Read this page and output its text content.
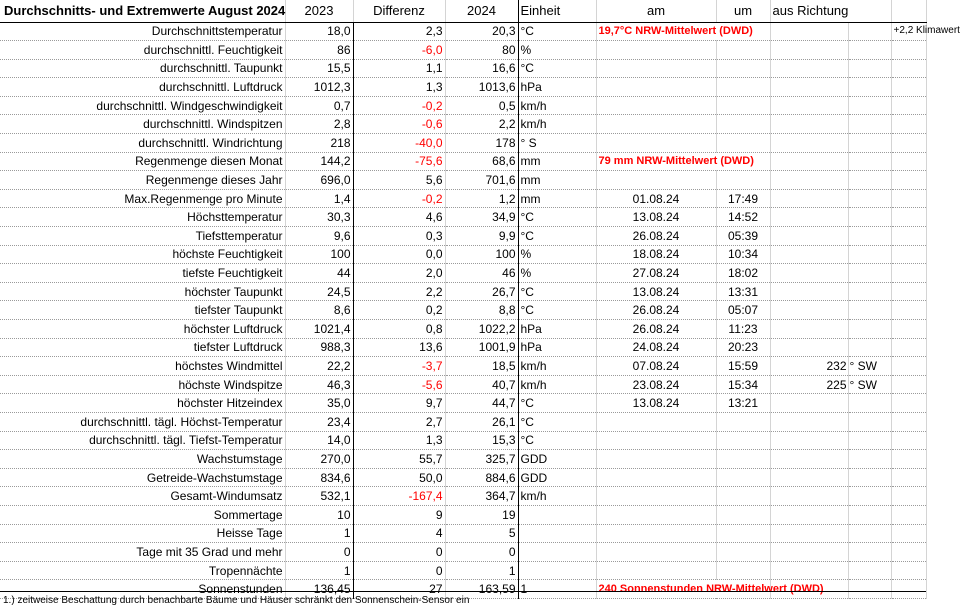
Durchschnitts- und Extremwerte August 2024	2023	Differenz	2024	Einheit	am	um	aus Richtung		
Durchschnittstemperatur	18,0	2,3	20,3	°C	19,7°C NRW-Mittelwert (DWD)				+2,2 Klimawert
durchschnittl. Feuchtigkeit	86	-6,0	80	%					
durchschnittl. Taupunkt	15,5	1,1	16,6	°C					
durchschnittl. Luftdruck	1012,3	1,3	1013,6	hPa					
durchschnittl. Windgeschwindigkeit	0,7	-0,2	0,5	km/h					
durchschnittl. Windspitzen	2,8	-0,6	2,2	km/h					
durchschnittl. Windrichtung	218	-40,0	178	° S					
Regenmenge diesen Monat	144,2	-75,6	68,6	mm	79 mm NRW-Mittelwert (DWD)				
Regenmenge dieses Jahr	696,0	5,6	701,6	mm					
Max.Regenmenge pro Minute	1,4	-0,2	1,2	mm	01.08.24	17:49			
Höchsttemperatur	30,3	4,6	34,9	°C	13.08.24	14:52			
Tiefsttemperatur	9,6	0,3	9,9	°C	26.08.24	05:39			
höchste Feuchtigkeit	100	0,0	100	%	18.08.24	10:34			
tiefste Feuchtigkeit	44	2,0	46	%	27.08.24	18:02			
höchster Taupunkt	24,5	2,2	26,7	°C	13.08.24	13:31			
tiefster Taupunkt	8,6	0,2	8,8	°C	26.08.24	05:07			
höchster Luftdruck	1021,4	0,8	1022,2	hPa	26.08.24	11:23			
tiefster Luftdruck	988,3	13,6	1001,9	hPa	24.08.24	20:23			
höchstes Windmittel	22,2	-3,7	18,5	km/h	07.08.24	15:59	232	° SW	
höchste Windspitze	46,3	-5,6	40,7	km/h	23.08.24	15:34	225	° SW	
höchster Hitzeindex	35,0	9,7	44,7	°C	13.08.24	13:21			
durchschnittl. tägl. Höchst-Temperatur	23,4	2,7	26,1	°C					
durchschnittl. tägl. Tiefst-Temperatur	14,0	1,3	15,3	°C					
Wachstumstage	270,0	55,7	325,7	GDD					
Getreide-Wachstumstage	834,6	50,0	884,6	GDD					
Gesamt-Windumsatz	532,1	-167,4	364,7	km/h					
Sommertage	10	9	19						
Heisse Tage	1	4	5						
Tage mit 35 Grad und mehr	0	0	0						
Tropennächte	1	0	1						
Sonnenstunden	136,45	27	163,59	1	240 Sonnenstunden NRW-Mittelwert (DWD)				
1.) zeitweise Beschattung durch benachbarte Bäume und Häuser schränkt den Sonnenschein-Sensor ein
